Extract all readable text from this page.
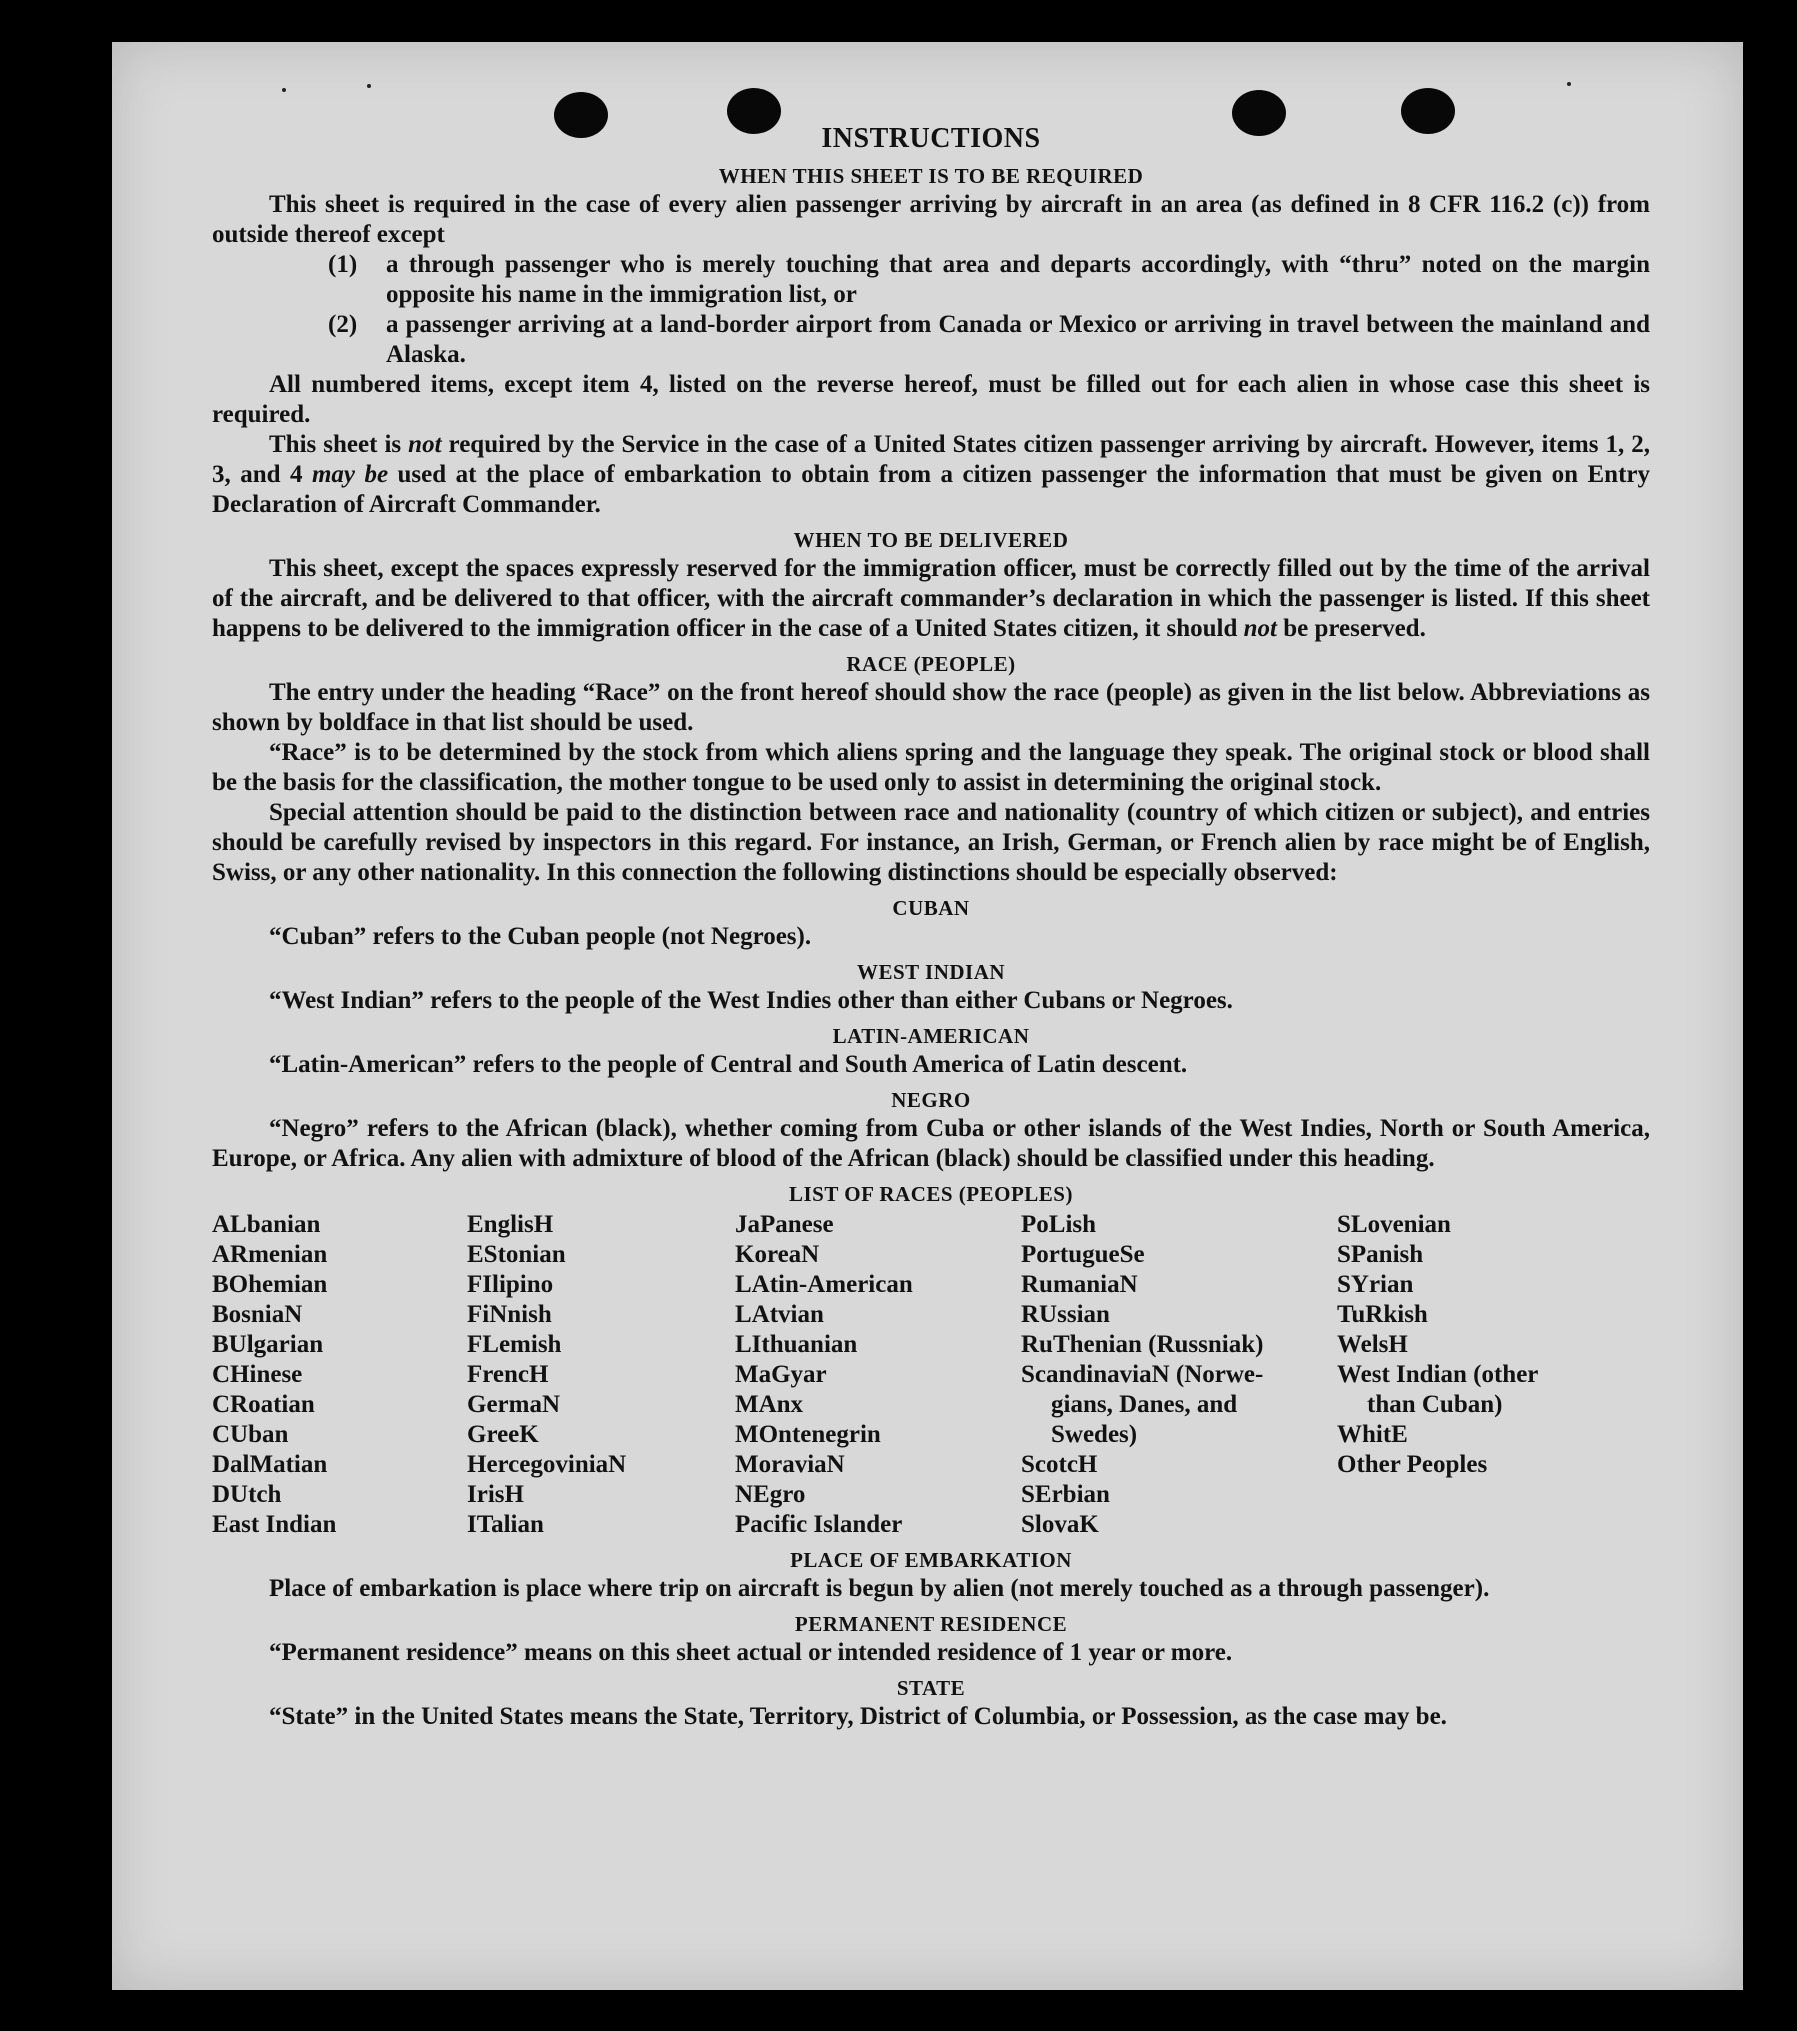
INSTRUCTIONS

WHEN THIS SHEET IS TO BE REQUIRED

This sheet is required in the case of every alien passenger arriving by aircraft in an area (as defined in 8 CFR 116.2 (c)) from outside thereof except

(1)	a through passenger who is merely touching that area and departs accordingly, with “thru” noted on the margin opposite his name in the immigration list, or
(2)	a passenger arriving at a land-border airport from Canada or Mexico or arriving in travel between the mainland and Alaska.

All numbered items, except item 4, listed on the reverse hereof, must be filled out for each alien in whose case this sheet is required.

This sheet is not required by the Service in the case of a United States citizen passenger arriving by aircraft. However, items 1, 2, 3, and 4 may be used at the place of embarkation to obtain from a citizen passenger the information that must be given on Entry Declaration of Aircraft Commander.

WHEN TO BE DELIVERED

This sheet, except the spaces expressly reserved for the immigration officer, must be correctly filled out by the time of the arrival of the aircraft, and be delivered to that officer, with the aircraft commander’s declaration in which the passenger is listed. If this sheet happens to be delivered to the immigration officer in the case of a United States citizen, it should not be preserved.

RACE (PEOPLE)

The entry under the heading “Race” on the front hereof should show the race (people) as given in the list below. Abbreviations as shown by boldface in that list should be used.

“Race” is to be determined by the stock from which aliens spring and the language they speak. The original stock or blood shall be the basis for the classification, the mother tongue to be used only to assist in determining the original stock.

Special attention should be paid to the distinction between race and nationality (country of which citizen or subject), and entries should be carefully revised by inspectors in this regard. For instance, an Irish, German, or French alien by race might be of English, Swiss, or any other nationality. In this connection the following distinctions should be especially observed:

CUBAN

“Cuban” refers to the Cuban people (not Negroes).

WEST INDIAN

“West Indian” refers to the people of the West Indies other than either Cubans or Negroes.

LATIN-AMERICAN

“Latin-American” refers to the people of Central and South America of Latin descent.

NEGRO

“Negro” refers to the African (black), whether coming from Cuba or other islands of the West Indies, North or South America, Europe, or Africa. Any alien with admixture of blood of the African (black) should be classified under this heading.

LIST OF RACES (PEOPLES)
ALbanian
ARmenian
BOhemian
BosniaN
BUlgarian
CHinese
CRoatian
CUban
DalMatian
DUtch
East Indian
EnglisH
EStonian
FIlipino
FiNnish
FLemish
FrencH
GermaN
GreeK
HercegoviniaN
IrisH
ITalian
JaPanese
KoreaN
LAtin-American
LAtvian
LIthuanian
MaGyar
MAnx
MOntenegrin
MoraviaN
NEgro
Pacific Islander
PoLish
PortugueSe
RumaniaN
RUssian
RuThenian (Russniak)
ScandinaviaN (Norwe-
gians, Danes, and
Swedes)
ScotcH
SErbian
SlovaK
SLovenian
SPanish
SYrian
TuRkish
WelsH
West Indian (other
than Cuban)
WhitE
Other Peoples
PLACE OF EMBARKATION

Place of embarkation is place where trip on aircraft is begun by alien (not merely touched as a through passenger).

PERMANENT RESIDENCE

“Permanent residence” means on this sheet actual or intended residence of 1 year or more.

STATE

“State” in the United States means the State, Territory, District of Columbia, or Possession, as the case may be.
